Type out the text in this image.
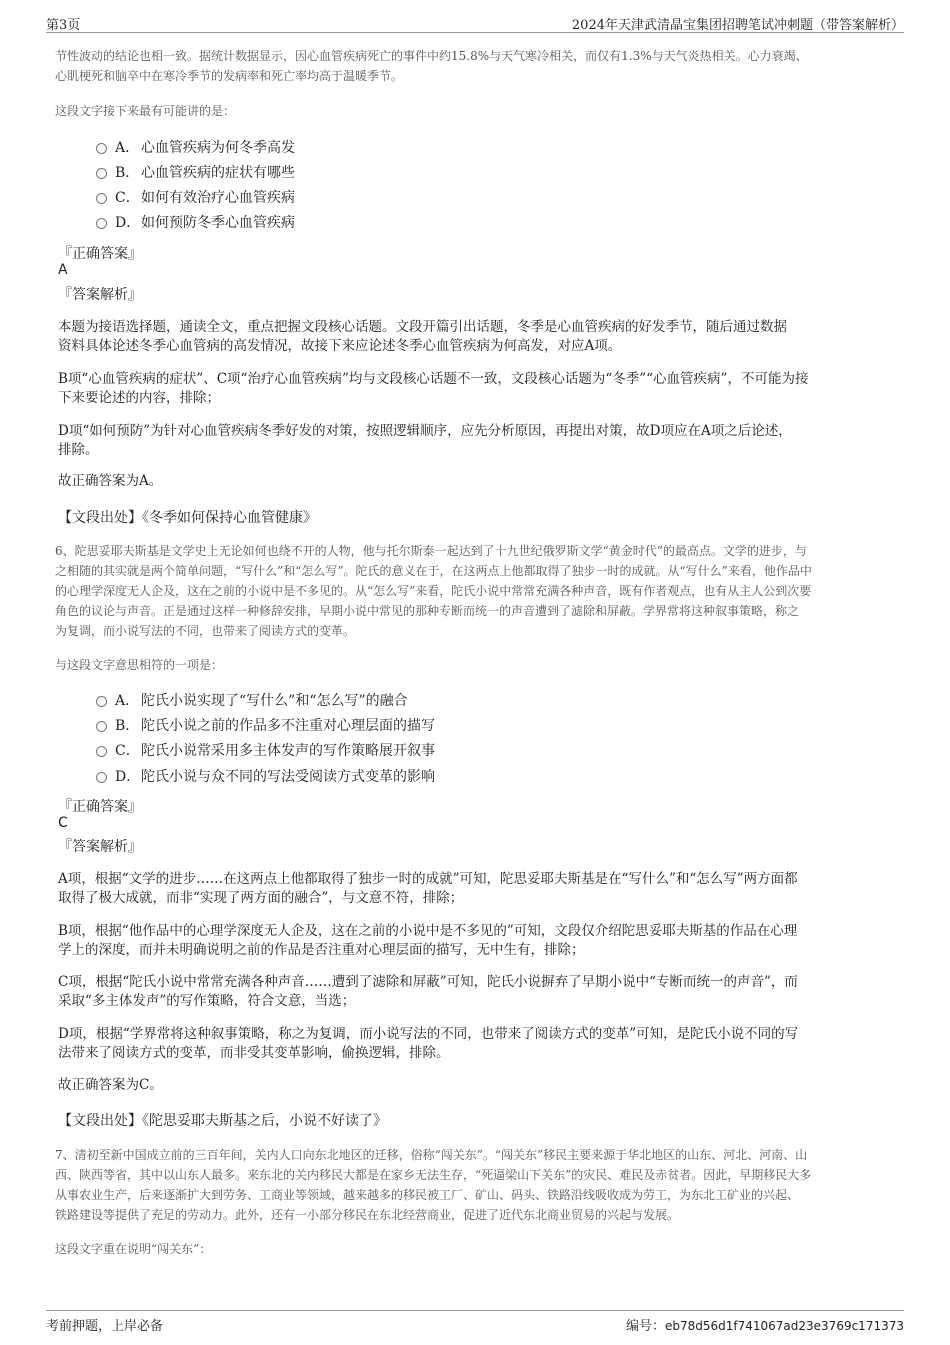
第3页	2024年天津武清晶宝集团招聘笔试冲刺题（带答案解析）
节性波动的结论也相一致。据统计数据显示，因心血管疾病死亡的事件中约15.8%与天气寒冷相关，而仅有1.3%与天气炎热相关。心力衰竭、
心肌梗死和脑卒中在寒冷季节的发病率和死亡率均高于温暖季节。
这段文字接下来最有可能讲的是：
A． 心血管疾病为何冬季高发
B． 心血管疾病的症状有哪些
C．如何有效治疗心血管疾病
D．如何预防冬季心血管疾病
『正确答案』
A
『答案解析』
本题为接语选择题，通读全文，重点把握文段核心话题。文段开篇引出话题，冬季是心血管疾病的好发季节，随后通过数据
资料具体论述冬季心血管病的高发情况，故接下来应论述冬季心血管疾病为何高发，对应A项。
B项“心血管疾病的症状”、C项“治疗心血管疾病”均与文段核心话题不一致，文段核心话题为“冬季”“心血管疾病”，不可能为接
下来要论述的内容，排除；
D项“如何预防”为针对心血管疾病冬季好发的对策，按照逻辑顺序，应先分析原因，再提出对策，故D项应在A项之后论述，
排除。
故正确答案为A。
【文段出处】《冬季如何保持心血管健康》
6、陀思妥耶夫斯基是文学史上无论如何也绕不开的人物，他与托尔斯泰一起达到了十九世纪俄罗斯文学“黄金时代”的最高点。文学的进步，与
之相随的其实就是两个简单问题，“写什么”和“怎么写”。陀氏的意义在于，在这两点上他都取得了独步一时的成就。从“写什么”来看，他作品中
的心理学深度无人企及，这在之前的小说中是不多见的。从“怎么写”来看，陀氏小说中常常充满各种声音，既有作者观点，也有从主人公到次要
角色的议论与声音。正是通过这样一种修辞安排，早期小说中常见的那种专断而统一的声音遭到了滤除和屏蔽。学界常将这种叙事策略，称之
为复调，而小说写法的不同，也带来了阅读方式的变革。
与这段文字意思相符的一项是：
A． 陀氏小说实现了“写什么”和“怎么写”的融合
B． 陀氏小说之前的作品多不注重对心理层面的描写
C．陀氏小说常采用多主体发声的写作策略展开叙事
D．陀氏小说与众不同的写法受阅读方式变革的影响
『正确答案』
C
『答案解析』
A项，根据“文学的进步……在这两点上他都取得了独步一时的成就”可知，陀思妥耶夫斯基是在“写什么”和“怎么写”两方面都
取得了极大成就，而非“实现了两方面的融合”，与文意不符，排除；
B项，根据“他作品中的心理学深度无人企及，这在之前的小说中是不多见的”可知，文段仅介绍陀思妥耶夫斯基的作品在心理
学上的深度，而并未明确说明之前的作品是否注重对心理层面的描写，无中生有，排除；
C项，根据“陀氏小说中常常充满各种声音……遭到了滤除和屏蔽”可知，陀氏小说摒弃了早期小说中“专断而统一的声音”，而
采取“多主体发声”的写作策略，符合文意，当选；
D项，根据“学界常将这种叙事策略，称之为复调，而小说写法的不同，也带来了阅读方式的变革”可知，是陀氏小说不同的写
法带来了阅读方式的变革，而非受其变革影响，偷换逻辑，排除。
故正确答案为C。
【文段出处】《陀思妥耶夫斯基之后，小说不好读了》
7、清初至新中国成立前的三百年间，关内人口向东北地区的迁移，俗称“闯关东”。“闯关东”移民主要来源于华北地区的山东、河北、河南、山
西、陕西等省，其中以山东人最多。来东北的关内移民大都是在家乡无法生存，“死逼梁山下关东”的灾民、难民及赤贫者。因此，早期移民大多
从事农业生产，后来逐渐扩大到劳务、工商业等领域，越来越多的移民被工厂、矿山、码头、铁路沿线吸收成为劳工，为东北工矿业的兴起、
铁路建设等提供了充足的劳动力。此外，还有一小部分移民在东北经营商业，促进了近代东北商业贸易的兴起与发展。
这段文字重在说明“闯关东”：
考前押题，上岸必备	编号：eb78d56d1f741067ad23e3769c171373
